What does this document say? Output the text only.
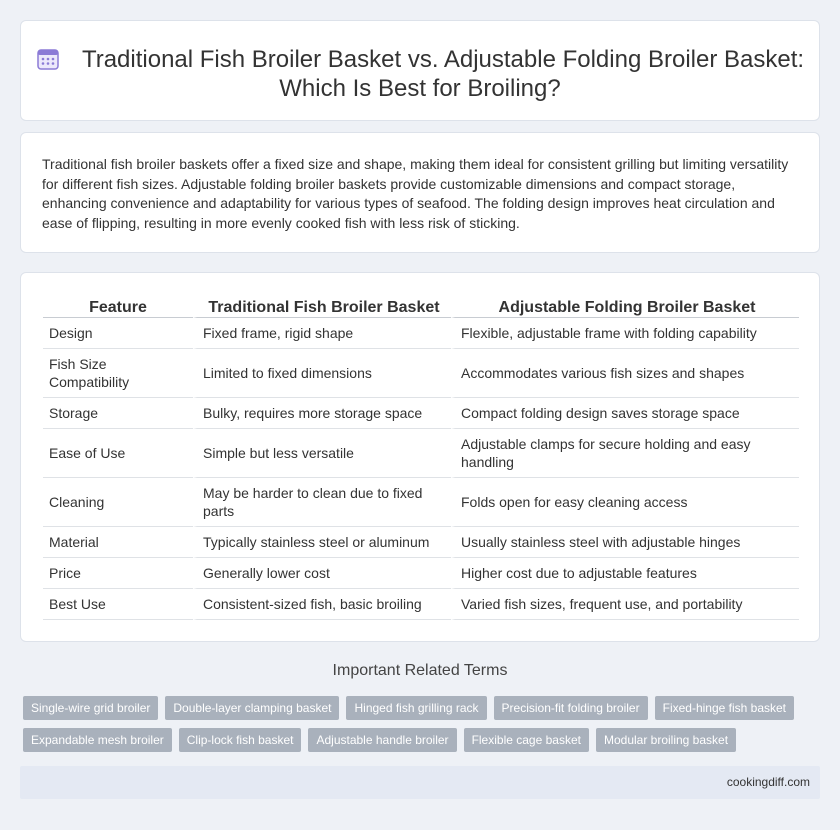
Traditional Fish Broiler Basket vs. Adjustable Folding Broiler Basket: Which Is Best for Broiling?

Traditional fish broiler baskets offer a fixed size and shape, making them ideal for consistent grilling but limiting versatility for different fish sizes. Adjustable folding broiler baskets provide customizable dimensions and compact storage, enhancing convenience and adaptability for various types of seafood. The folding design improves heat circulation and ease of flipping, resulting in more evenly cooked fish with less risk of sticking.

Feature	Traditional Fish Broiler Basket	Adjustable Folding Broiler Basket
Design	Fixed frame, rigid shape	Flexible, adjustable frame with folding capability
Fish Size Compatibility	Limited to fixed dimensions	Accommodates various fish sizes and shapes
Storage	Bulky, requires more storage space	Compact folding design saves storage space
Ease of Use	Simple but less versatile	Adjustable clamps for secure holding and easy handling
Cleaning	May be harder to clean due to fixed parts	Folds open for easy cleaning access
Material	Typically stainless steel or aluminum	Usually stainless steel with adjustable hinges
Price	Generally lower cost	Higher cost due to adjustable features
Best Use	Consistent-sized fish, basic broiling	Varied fish sizes, frequent use, and portability
Important Related Terms
Single-wire grid broiler	Double-layer clamping basket	Hinged fish grilling rack	Precision-fit folding broiler	Fixed-hinge fish basket
Expandable mesh broiler	Clip-lock fish basket	Adjustable handle broiler	Flexible cage basket	Modular broiling basket
cookingdiff.com
